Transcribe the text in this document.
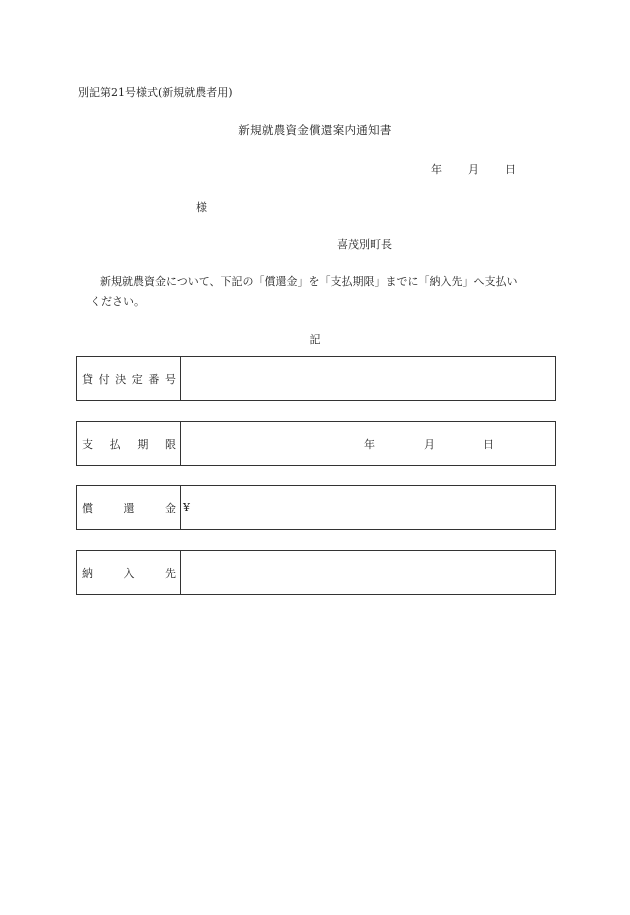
別記第21号様式(新規就農者用)
新規就農資金償還案内通知書
年 月 日
様
喜茂別町長
新規就農資金について、下記の「償還金」を「支払期限」までに「納入先」へ支払い
ください。
記
貸付決定番号
支払期限	年	月	日
償還金 ¥
納入先
